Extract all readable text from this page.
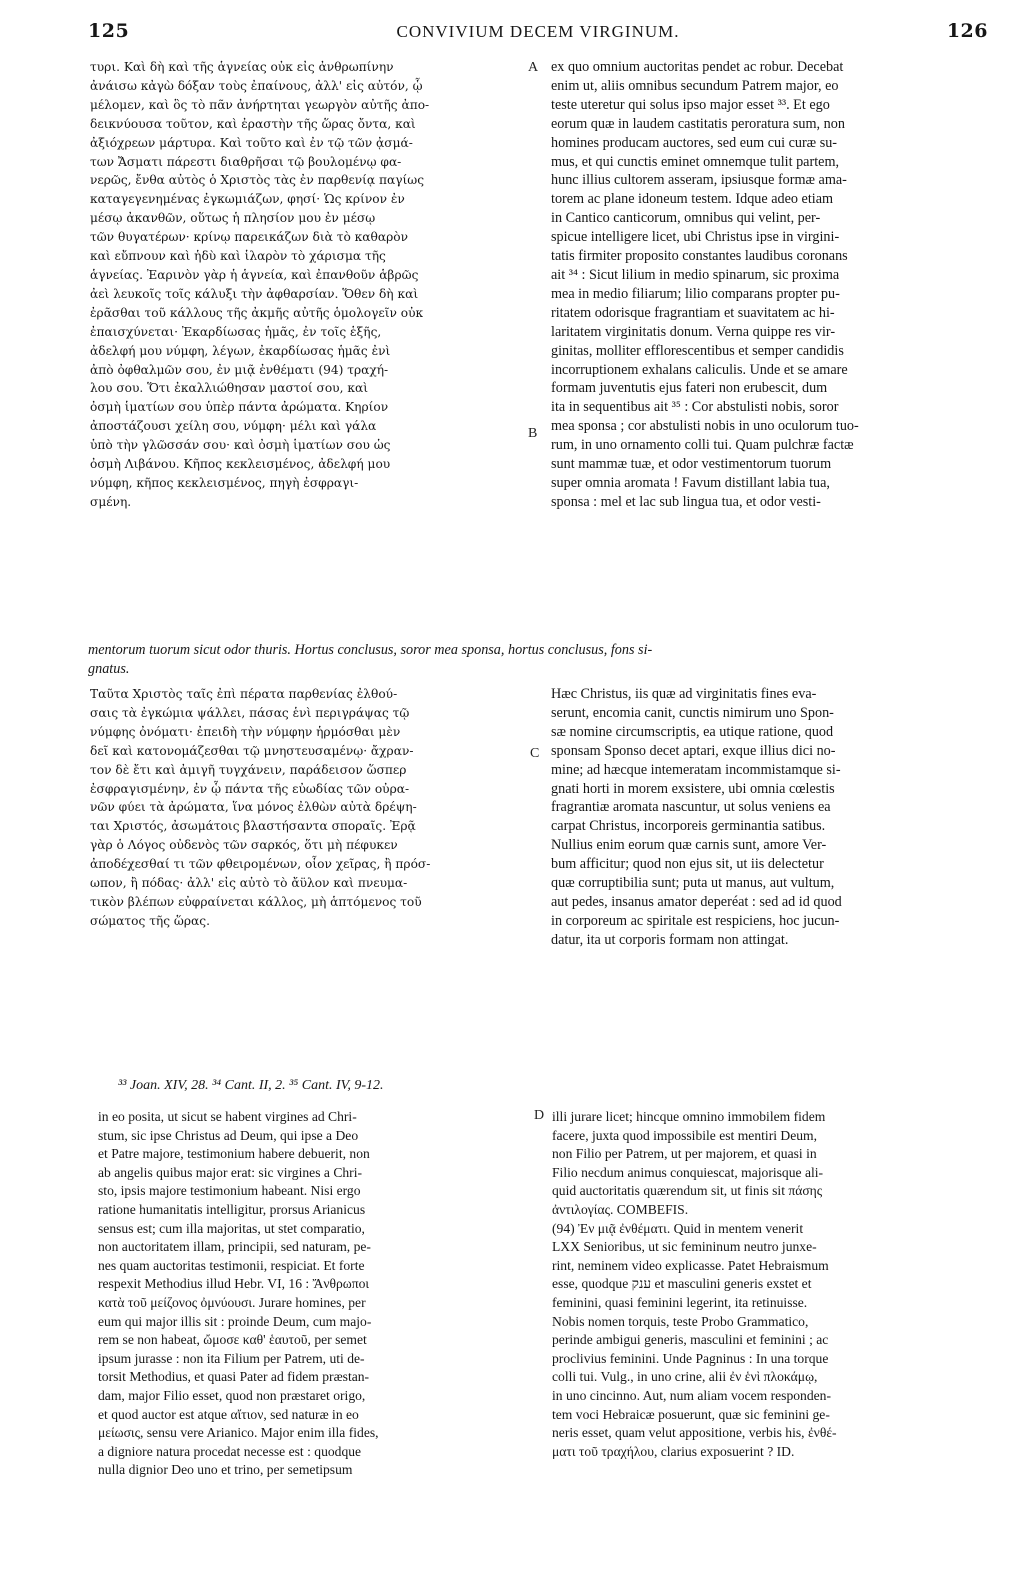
125	CONVIVIUM DECEM VIRGINUM.	126

τυρι. Καὶ δὴ καὶ τῆς ἁγνείας οὐκ εἰς ἀνθρωπίνην
ἀνάισω κἀγὼ δόξαν τοὺς ἐπαίνους, ἀλλ' εἰς αὐτόν, ᾧ
μέλομεν, καὶ ὃς τὸ πᾶν ἀνήρτηται γεωργὸν αὐτῆς ἀπο-
δεικνύουσα τοῦτον, καὶ ἐραστὴν τῆς ὥρας ὄντα, καὶ
ἀξιόχρεων μάρτυρα. Καὶ τοῦτο καὶ ἐν τῷ τῶν ᾀσμά-
των Ἄσματι πάρεστι διαθρῆσαι τῷ βουλομένῳ φα-
νερῶς, ἔνθα αὐτὸς ὁ Χριστὸς τὰς ἐν παρθενίᾳ παγίως
καταγεγενημένας ἐγκωμιάζων, φησί· Ὡς κρίνον ἐν
μέσῳ ἀκανθῶν, οὕτως ἡ πλησίον μου ἐν μέσῳ
τῶν θυγατέρων· κρίνῳ παρεικάζων διὰ τὸ καθαρὸν
καὶ εὔπνουν καὶ ἡδὺ καὶ ἱλαρὸν τὸ χάρισμα τῆς
ἁγνείας. Ἐαρινὸν γὰρ ἡ ἁγνεία, καὶ ἐπανθοῦν ἁβρῶς
ἀεὶ λευκοῖς τοῖς κάλυξι τὴν ἀφθαρσίαν. Ὅθεν δὴ καὶ
ἐρᾶσθαι τοῦ κάλλους τῆς ἀκμῆς αὐτῆς ὁμολογεῖν οὐκ
ἐπαισχύνεται· Ἐκαρδίωσας ἡμᾶς, ἐν τοῖς ἑξῆς,
ἀδελφή μου νύμφη, λέγων, ἐκαρδίωσας ἡμᾶς ἐνὶ
ἀπὸ ὀφθαλμῶν σου, ἐν μιᾷ ἐνθέματι (94) τραχή-
λου σου. Ὅτι ἐκαλλιώθησαν μαστοί σου, καὶ
ὀσμὴ ἱματίων σου ὑπὲρ πάντα ἀρώματα. Κηρίον
ἀποστάζουσι χείλη σου, νύμφη· μέλι καὶ γάλα
ὑπὸ τὴν γλῶσσάν σου· καὶ ὀσμὴ ἱματίων σου ὡς
ὀσμὴ Λιβάνου. Κῆπος κεκλεισμένος, ἀδελφή μου
νύμφη, κῆπος κεκλεισμένος, πηγὴ ἐσφραγι-
σμένη.

A
B
C
D

ex quo omnium auctoritas pendet ac robur. Decebat
enim ut, aliis omnibus secundum Patrem major, eo
teste uteretur qui solus ipso major esset ³³. Et ego
eorum quæ in laudem castitatis peroratura sum, non
homines producam auctores, sed eum cui curæ su-
mus, et qui cunctis eminet omnemque tulit partem,
hunc illius cultorem asseram, ipsiusque formæ ama-
torem ac plane idoneum testem. Idque adeo etiam
in Cantico canticorum, omnibus qui velint, per-
spicue intelligere licet, ubi Christus ipse in virgini-
tatis firmiter proposito constantes laudibus coronans
ait ³⁴ : Sicut lilium in medio spinarum, sic proxima
mea in medio filiarum; lilio comparans propter pu-
ritatem odorisque fragrantiam et suavitatem ac hi-
laritatem virginitatis donum. Verna quippe res vir-
ginitas, molliter efflorescentibus et semper candidis
incorruptionem exhalans caliculis. Unde et se amare
formam juventutis ejus fateri non erubescit, dum
ita in sequentibus ait ³⁵ : Cor abstulisti nobis, soror
mea sponsa ; cor abstulisti nobis in uno oculorum tuo-
rum, in uno ornamento colli tui. Quam pulchræ factæ
sunt mammæ tuæ, et odor vestimentorum tuorum
super omnia aromata ! Favum distillant labia tua,
sponsa : mel et lac sub lingua tua, et odor vesti-

mentorum tuorum sicut odor thuris. Hortus conclusus, soror mea sponsa, hortus conclusus, fons si-
gnatus.

Ταῦτα Χριστὸς ταῖς ἐπὶ πέρατα παρθενίας ἐλθού-
σαις τὰ ἐγκώμια ψάλλει, πάσας ἑνὶ περιγράψας τῷ
νύμφης ὀνόματι· ἐπειδὴ τὴν νύμφην ἡρμόσθαι μὲν
δεῖ καὶ κατονομάζεσθαι τῷ μνηστευσαμένῳ· ἄχραν-
τον δὲ ἔτι καὶ ἀμιγῆ τυγχάνειν, παράδεισον ὥσπερ
ἐσφραγισμένην, ἐν ᾧ πάντα τῆς εὐωδίας τῶν οὐρα-
νῶν φύει τὰ ἀρώματα, ἵνα μόνος ἐλθὼν αὐτὰ δρέψη-
ται Χριστός, ἀσωμάτοις βλαστήσαντα σποραῖς. Ἐρᾷ
γὰρ ὁ Λόγος οὐδενὸς τῶν σαρκός, ὅτι μὴ πέφυκεν
ἀποδέχεσθαί τι τῶν φθειρομένων, οἷον χεῖρας, ἢ πρόσ-
ωπον, ἢ πόδας· ἀλλ' εἰς αὐτὸ τὸ ἄϋλον καὶ πνευμα-
τικὸν βλέπων εὐφραίνεται κάλλος, μὴ ἁπτόμενος τοῦ
σώματος τῆς ὥρας.

Hæc Christus, iis quæ ad virginitatis fines eva-
serunt, encomia canit, cunctis nimirum uno Spon-
sæ nomine circumscriptis, ea utique ratione, quod
sponsam Sponso decet aptari, exque illius dici no-
mine; ad hæcque intemeratam incommistamque si-
gnati horti in morem exsistere, ubi omnia cœlestis
fragrantiæ aromata nascuntur, ut solus veniens ea
carpat Christus, incorporeis germinantia satibus.
Nullius enim eorum quæ carnis sunt, amore Ver-
bum afficitur; quod non ejus sit, ut iis delectetur
quæ corruptibilia sunt; puta ut manus, aut vultum,
aut pedes, insanus amator deperéat : sed ad id quod
in corporeum ac spiritale est respiciens, hoc jucun-
datur, ita ut corporis formam non attingat.

³³ Joan. XIV, 28. ³⁴ Cant. II, 2. ³⁵ Cant. IV, 9-12.

in eo posita, ut sicut se habent virgines ad Chri-
stum, sic ipse Christus ad Deum, qui ipse a Deo
et Patre majore, testimonium habere debuerit, non
ab angelis quibus major erat: sic virgines a Chri-
sto, ipsis majore testimonium habeant. Nisi ergo
ratione humanitatis intelligitur, prorsus Arianicus
sensus est; cum illa majoritas, ut stet comparatio,
non auctoritatem illam, principii, sed naturam, pe-
nes quam auctoritas testimonii, respiciat. Et forte
respexit Methodius illud Hebr. VI, 16 : Ἄνθρωποι
κατὰ τοῦ μείζονος ὀμνύουσι. Jurare homines, per
eum qui major illis sit : proinde Deum, cum majo-
rem se non habeat, ὤμοσε καθ' ἑαυτοῦ, per semet
ipsum jurasse : non ita Filium per Patrem, uti de-
torsit Methodius, et quasi Pater ad fidem præstan-
dam, major Filio esset, quod non præstaret origo,
et quod auctor est atque αἴτιον, sed naturæ in eo
μείωσις, sensu vere Arianico. Major enim illa fides,
a digniore natura procedat necesse est : quodque
nulla dignior Deo uno et trino, per semetipsum

illi jurare licet; hincque omnino immobilem fidem
facere, juxta quod impossibile est mentiri Deum,
non Filio per Patrem, ut per majorem, et quasi in
Filio necdum animus conquiescat, majorisque ali-
quid auctoritatis quærendum sit, ut finis sit πάσης
ἀντιλογίας. COMBEFIS.
(94) Ἐν μιᾷ ἐνθέματι. Quid in mentem venerit
LXX Senioribus, ut sic femininum neutro junxe-
rint, neminem video explicasse. Patet Hebraismum
esse, quodque ענק et masculini generis exstet et
feminini, quasi feminini legerint, ita retinuisse.
Nobis nomen torquis, teste Probo Grammatico,
perinde ambigui generis, masculini et feminini ; ac
proclivius feminini. Unde Pagninus : In una torque
colli tui. Vulg., in uno crine, alii ἐν ἑνὶ πλοκάμῳ,
in uno cincinno. Aut, num aliam vocem responden-
tem voci Hebraicæ posuerunt, quæ sic feminini ge-
neris esset, quam velut appositione, verbis his, ἐνθέ-
ματι τοῦ τραχήλου, clarius exposuerint ? ID.
